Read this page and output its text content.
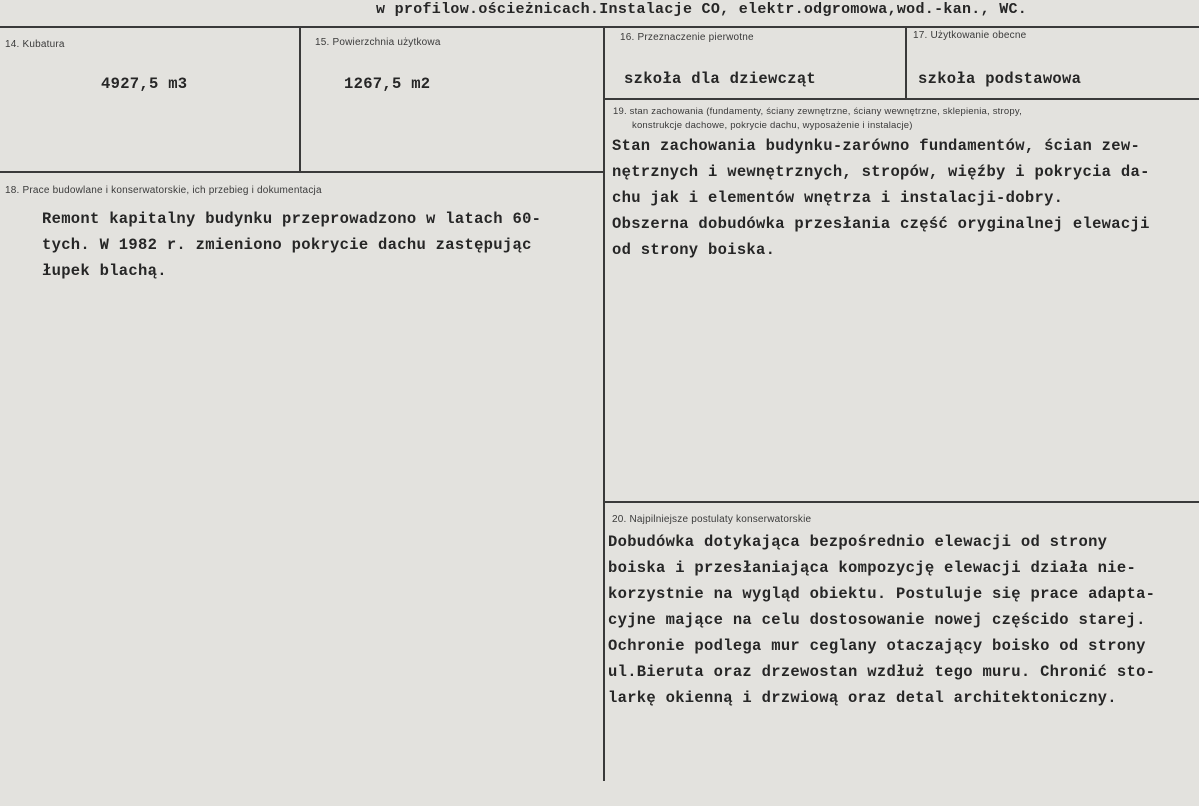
w profilow.ościeżnicach.Instalacje CO, elektr.odgromowa,wod.-kan., WC.
14. Kubatura
4927,5 m3
15. Powierzchnia użytkowa
1267,5 m2
16. Przeznaczenie pierwotne
szkoła dla dziewcząt
17. Użytkowanie obecne
szkoła podstawowa
18. Prace budowlane i konserwatorskie, ich przebieg i dokumentacja
Remont kapitalny budynku przeprowadzono w latach 60-
tych. W 1982 r. zmieniono pokrycie dachu zastępując
łupek blachą.
19. stan zachowania (fundamenty, ściany zewnętrzne, ściany wewnętrzne, sklepienia, stropy,
konstrukcje dachowe, pokrycie dachu, wyposażenie i instalacje)
Stan zachowania budynku-zarówno fundamentów, ścian zew-
nętrznych i wewnętrznych, stropów, więźby i pokrycia da-
chu jak i elementów wnętrza i instalacji-dobry.
Obszerna dobudówka przesłania część oryginalnej elewacji
od strony boiska.
20. Najpilniejsze postulaty konserwatorskie
Dobudówka dotykająca bezpośrednio elewacji od strony
boiska i przesłaniająca kompozycję elewacji działa nie-
korzystnie na wygląd obiektu. Postuluje się prace adapta-
cyjne mające na celu dostosowanie nowej częścido starej.
Ochronie podlega mur ceglany otaczający boisko od strony
ul.Bieruta oraz drzewostan wzdłuż tego muru. Chronić sto-
larkę okienną i drzwiową oraz detal architektoniczny.
